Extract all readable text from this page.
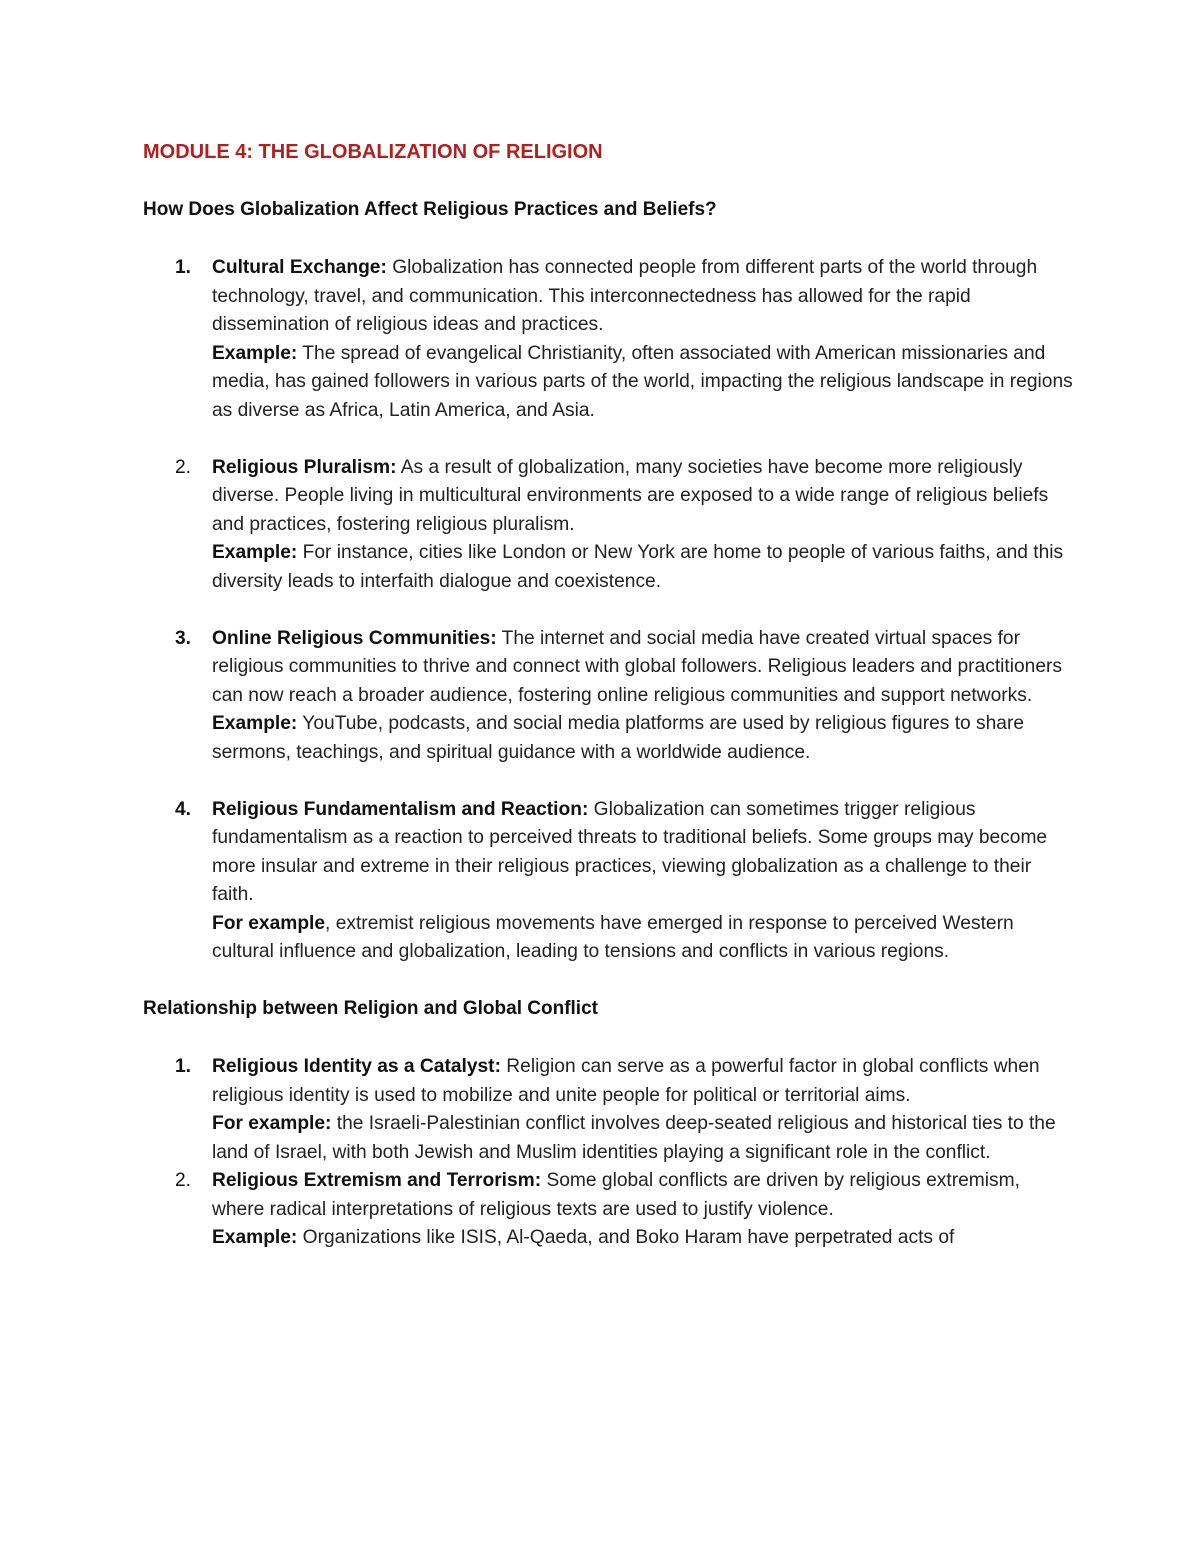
MODULE 4: THE GLOBALIZATION OF RELIGION
How Does Globalization Affect Religious Practices and Beliefs?
1. Cultural Exchange: Globalization has connected people from different parts of the world through technology, travel, and communication. This interconnectedness has allowed for the rapid dissemination of religious ideas and practices.
Example: The spread of evangelical Christianity, often associated with American missionaries and media, has gained followers in various parts of the world, impacting the religious landscape in regions as diverse as Africa, Latin America, and Asia.
2. Religious Pluralism: As a result of globalization, many societies have become more religiously diverse. People living in multicultural environments are exposed to a wide range of religious beliefs and practices, fostering religious pluralism.
Example: For instance, cities like London or New York are home to people of various faiths, and this diversity leads to interfaith dialogue and coexistence.
3. Online Religious Communities: The internet and social media have created virtual spaces for religious communities to thrive and connect with global followers. Religious leaders and practitioners can now reach a broader audience, fostering online religious communities and support networks.
Example: YouTube, podcasts, and social media platforms are used by religious figures to share sermons, teachings, and spiritual guidance with a worldwide audience.
4. Religious Fundamentalism and Reaction: Globalization can sometimes trigger religious fundamentalism as a reaction to perceived threats to traditional beliefs. Some groups may become more insular and extreme in their religious practices, viewing globalization as a challenge to their faith.
For example, extremist religious movements have emerged in response to perceived Western cultural influence and globalization, leading to tensions and conflicts in various regions.
Relationship between Religion and Global Conflict
1. Religious Identity as a Catalyst: Religion can serve as a powerful factor in global conflicts when religious identity is used to mobilize and unite people for political or territorial aims.
For example: the Israeli-Palestinian conflict involves deep-seated religious and historical ties to the land of Israel, with both Jewish and Muslim identities playing a significant role in the conflict.
2. Religious Extremism and Terrorism: Some global conflicts are driven by religious extremism, where radical interpretations of religious texts are used to justify violence.
Example: Organizations like ISIS, Al-Qaeda, and Boko Haram have perpetrated acts of
